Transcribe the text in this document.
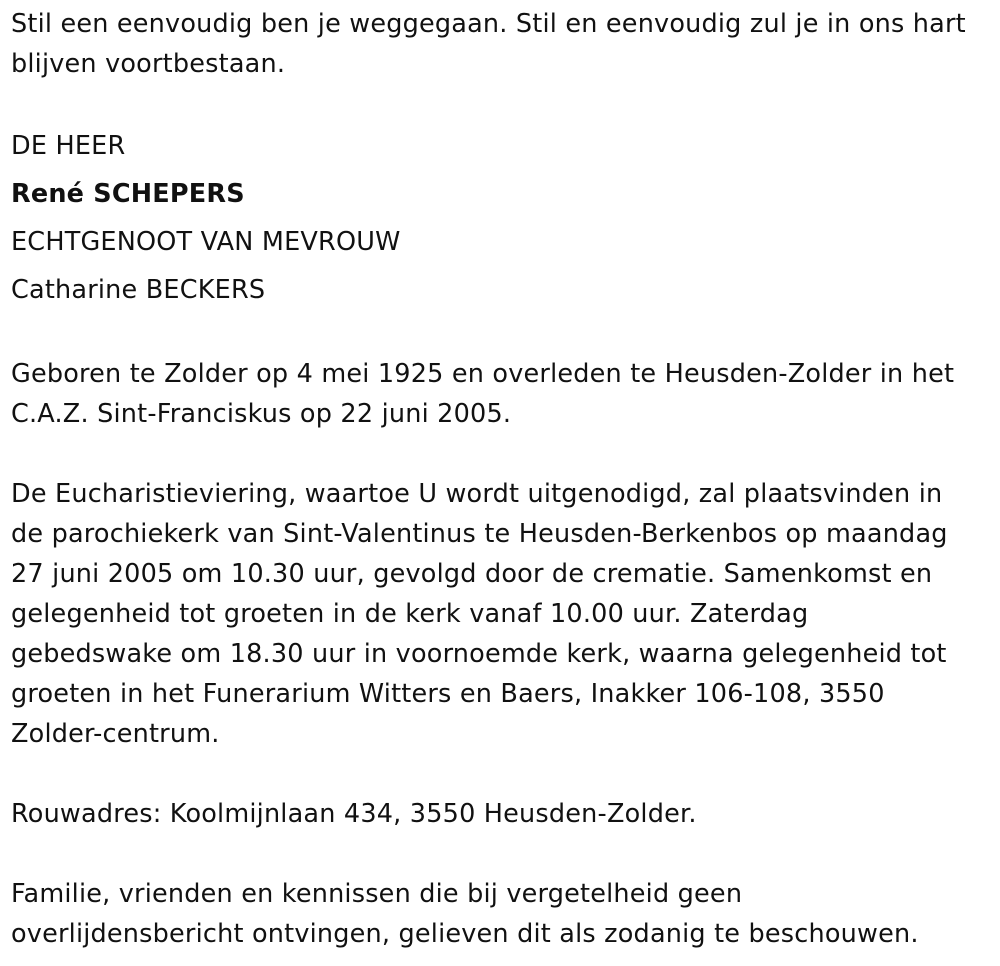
Stil een eenvoudig ben je weggegaan. Stil en eenvoudig zul je in ons hart
blijven voortbestaan.
DE HEER
René SCHEPERS
ECHTGENOOT VAN MEVROUW
Catharine BECKERS
Geboren te Zolder op 4 mei 1925 en overleden te Heusden-Zolder in het
C.A.Z. Sint-Franciskus op 22 juni 2005.
De Eucharistieviering, waartoe U wordt uitgenodigd, zal plaatsvinden in
de parochiekerk van Sint-Valentinus te Heusden-Berkenbos op maandag
27 juni 2005 om 10.30 uur, gevolgd door de crematie. Samenkomst en
gelegenheid tot groeten in de kerk vanaf 10.00 uur. Zaterdag
gebedswake om 18.30 uur in voornoemde kerk, waarna gelegenheid tot
groeten in het Funerarium Witters en Baers, Inakker 106-108, 3550
Zolder-centrum.
Rouwadres: Koolmijnlaan 434, 3550 Heusden-Zolder.
Familie, vrienden en kennissen die bij vergetelheid geen
overlijdensbericht ontvingen, gelieven dit als zodanig te beschouwen.
